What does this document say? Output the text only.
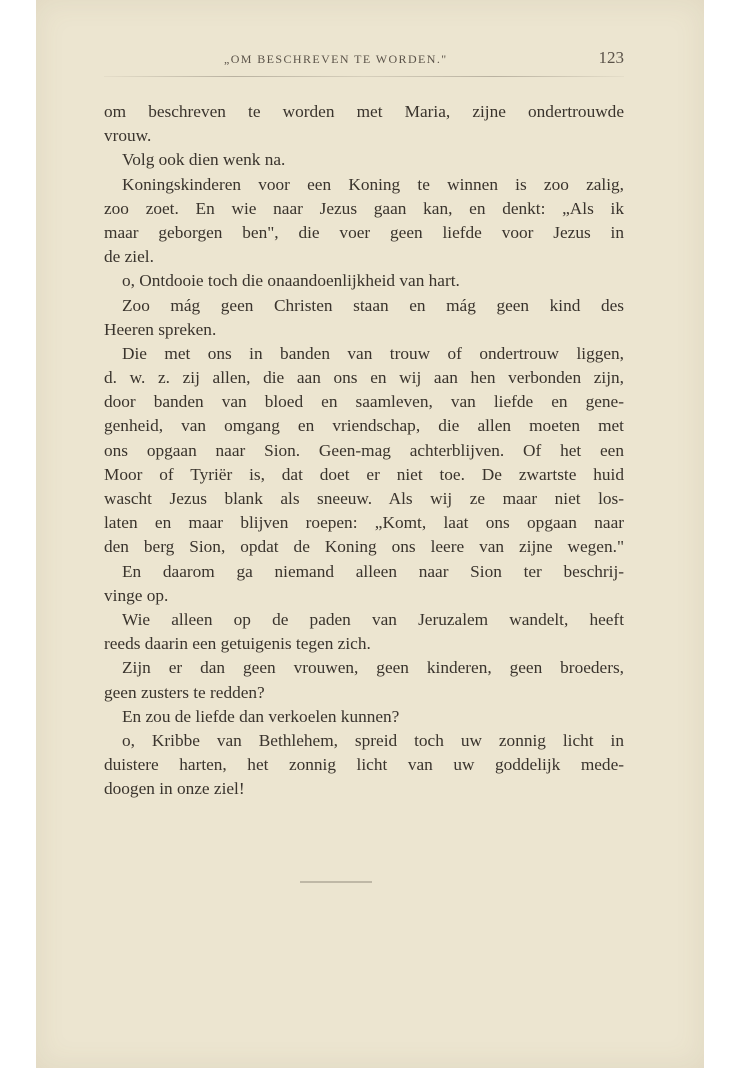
„OM BESCHREVEN TE WORDEN."	123
om beschreven te worden met Maria, zijne ondertrouwde
vrouw.
Volg ook dien wenk na.
Koningskinderen voor een Koning te winnen is zoo zalig,
zoo zoet. En wie naar Jezus gaan kan, en denkt: „Als ik
maar geborgen ben", die voer geen liefde voor Jezus in
de ziel.
o, Ontdooie toch die onaandoenlijkheid van hart.
Zoo mág geen Christen staan en mág geen kind des
Heeren spreken.
Die met ons in banden van trouw of ondertrouw liggen,
d. w. z. zij allen, die aan ons en wij aan hen verbonden zijn,
door banden van bloed en saamleven, van liefde en gene-
genheid, van omgang en vriendschap, die allen moeten met
ons opgaan naar Sion. Geen-mag achterblijven. Of het een
Moor of Tyriër is, dat doet er niet toe. De zwartste huid
wascht Jezus blank als sneeuw. Als wij ze maar niet los-
laten en maar blijven roepen: „Komt, laat ons opgaan naar
den berg Sion, opdat de Koning ons leere van zijne wegen."
En daarom ga niemand alleen naar Sion ter beschrij-
vinge op.
Wie alleen op de paden van Jeruzalem wandelt, heeft
reeds daarin een getuigenis tegen zich.
Zijn er dan geen vrouwen, geen kinderen, geen broeders,
geen zusters te redden?
En zou de liefde dan verkoelen kunnen?
o, Kribbe van Bethlehem, spreid toch uw zonnig licht in
duistere harten, het zonnig licht van uw goddelijk mede-
doogen in onze ziel!
